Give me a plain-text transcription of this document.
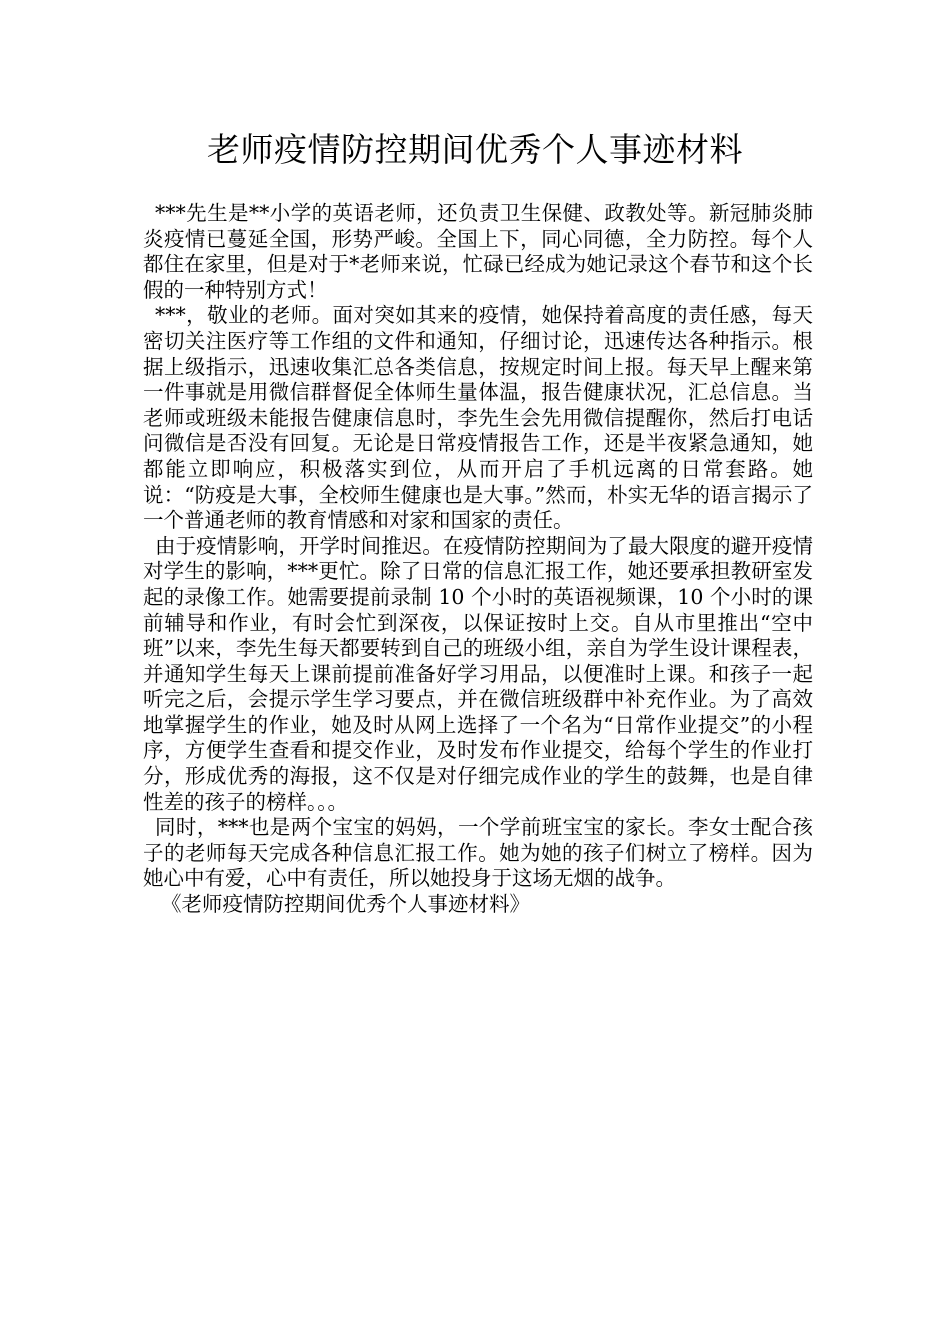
老师疫情防控期间优秀个人事迹材料

***先生是**小学的英语老师，还负责卫生保健、政教处等。新冠肺炎肺炎疫情已蔓延全国，形势严峻。全国上下，同心同德，全力防控。每个人都住在家里，但是对于*老师来说，忙碌已经成为她记录这个春节和这个长假的一种特别方式！

***，敬业的老师。面对突如其来的疫情，她保持着高度的责任感，每天密切关注医疗等工作组的文件和通知，仔细讨论，迅速传达各种指示。根据上级指示，迅速收集汇总各类信息，按规定时间上报。每天早上醒来第一件事就是用微信群督促全体师生量体温，报告健康状况，汇总信息。当老师或班级未能报告健康信息时，李先生会先用微信提醒你，然后打电话问微信是否没有回复。无论是日常疫情报告工作，还是半夜紧急通知，她都能立即响应，积极落实到位，从而开启了手机远离的日常套路。她说：“防疫是大事，全校师生健康也是大事。”然而，朴实无华的语言揭示了一个普通老师的教育情感和对家和国家的责任。

由于疫情影响，开学时间推迟。在疫情防控期间为了最大限度的避开疫情对学生的影响，***更忙。除了日常的信息汇报工作，她还要承担教研室发起的录像工作。她需要提前录制 10 个小时的英语视频课，10 个小时的课前辅导和作业，有时会忙到深夜，以保证按时上交。自从市里推出“空中班”以来，李先生每天都要转到自己的班级小组，亲自为学生设计课程表，并通知学生每天上课前提前准备好学习用品，以便准时上课。和孩子一起听完之后，会提示学生学习要点，并在微信班级群中补充作业。为了高效地掌握学生的作业，她及时从网上选择了一个名为“日常作业提交”的小程序，方便学生查看和提交作业，及时发布作业提交，给每个学生的作业打分，形成优秀的海报，这不仅是对仔细完成作业的学生的鼓舞，也是自律性差的孩子的榜样。。。

同时，***也是两个宝宝的妈妈，一个学前班宝宝的家长。李女士配合孩子的老师每天完成各种信息汇报工作。她为她的孩子们树立了榜样。因为她心中有爱，心中有责任，所以她投身于这场无烟的战争。

《老师疫情防控期间优秀个人事迹材料》
